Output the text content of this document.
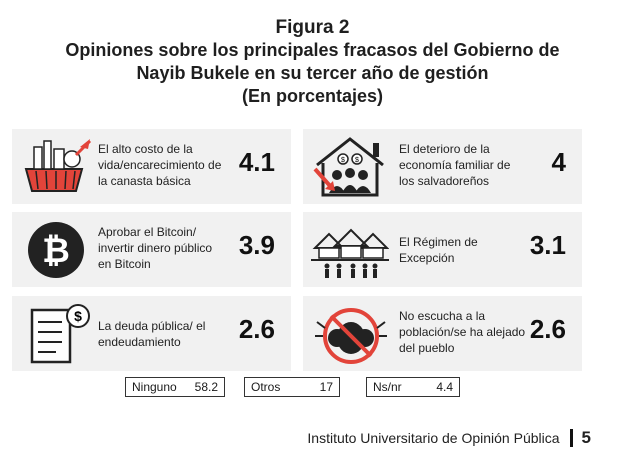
Figura 2
Opiniones sobre los principales fracasos del Gobierno de
Nayib Bukele en su tercer año de gestión
(En porcentajes)
El alto costo de la vida/encarecimiento de la canasta básica
4.1	$ $
El deterioro de la economía familiar de los salvadoreños
4
₿ Aprobar el Bitcoin/ invertir dinero público en Bitcoin
3.9	El Régimen de Excepción	3.1
$
La deuda pública/ el endeudamiento	2.6	No escucha a la población/se ha alejado del pueblo
2.6
Ninguno 58.2	Otros	17	Ns/nr	4.4
Instituto Universitario de Opinión Pública 5
